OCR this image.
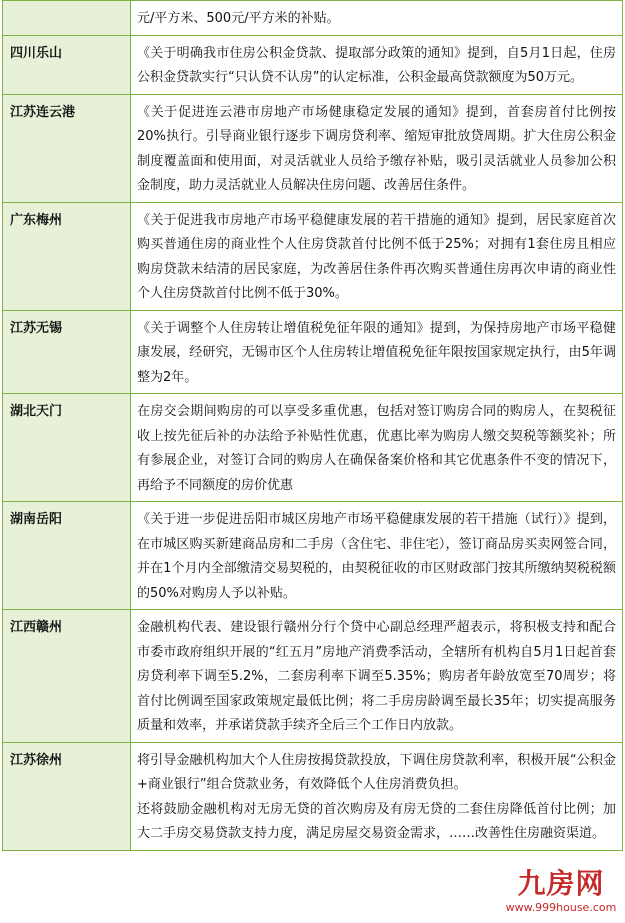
	元/平方米、500元/平方米的补贴。

四川乐山	《关于明确我市住房公积金贷款、提取部分政策的通知》提到，自5月1日起，住房公积金贷款实行“只认贷不认房”的认定标准，公积金最高贷款额度为50万元。

江苏连云港	《关于促进连云港市房地产市场健康稳定发展的通知》提到，首套房首付比例按20%执行。引导商业银行逐步下调房贷利率、缩短审批放贷周期。扩大住房公积金制度覆盖面和使用面，对灵活就业人员给予缴存补贴，吸引灵活就业人员参加公积金制度，助力灵活就业人员解决住房问题、改善居住条件。

广东梅州	《关于促进我市房地产市场平稳健康发展的若干措施的通知》提到，居民家庭首次购买普通住房的商业性个人住房贷款首付比例不低于25%；对拥有1套住房且相应购房贷款未结清的居民家庭，为改善居住条件再次购买普通住房再次申请的商业性个人住房贷款首付比例不低于30%。

江苏无锡	《关于调整个人住房转让增值税免征年限的通知》提到，为保持房地产市场平稳健康发展，经研究，无锡市区个人住房转让增值税免征年限按国家规定执行，由5年调整为2年。

湖北天门	在房交会期间购房的可以享受多重优惠，包括对签订购房合同的购房人，在契税征收上按先征后补的办法给予补贴性优惠，优惠比率为购房人缴交契税等额奖补；所有参展企业，对签订合同的购房人在确保备案价格和其它优惠条件不变的情况下，再给予不同额度的房价优惠

湖南岳阳	《关于进一步促进岳阳市城区房地产市场平稳健康发展的若干措施（试行）》提到，在市城区购买新建商品房和二手房（含住宅、非住宅），签订商品房买卖网签合同，并在1个月内全部缴清交易契税的，由契税征收的市区财政部门按其所缴纳契税税额的50%对购房人予以补贴。

江西赣州	金融机构代表、建设银行赣州分行个贷中心副总经理严超表示，将积极支持和配合市委市政府组织开展的“红五月”房地产消费季活动，全辖所有机构自5月1日起首套房贷利率下调至5.2%，二套房利率下调至5.35%；购房者年龄放宽至70周岁；将首付比例调至国家政策规定最低比例；将二手房房龄调至最长35年；切实提高服务质量和效率，并承诺贷款手续齐全后三个工作日内放款。

江苏徐州	将引导金融机构加大个人住房按揭贷款投放，下调住房贷款利率，积极开展“公积金+商业银行”组合贷款业务，有效降低个人住房消费负担。
还将鼓励金融机构对无房无贷的首次购房及有房无贷的二套住房降低首付比例；加大二手房交易贷款支持力度，满足房屋交易资金需求，……改善性住房融资渠道。
九房网
www.999house.com
